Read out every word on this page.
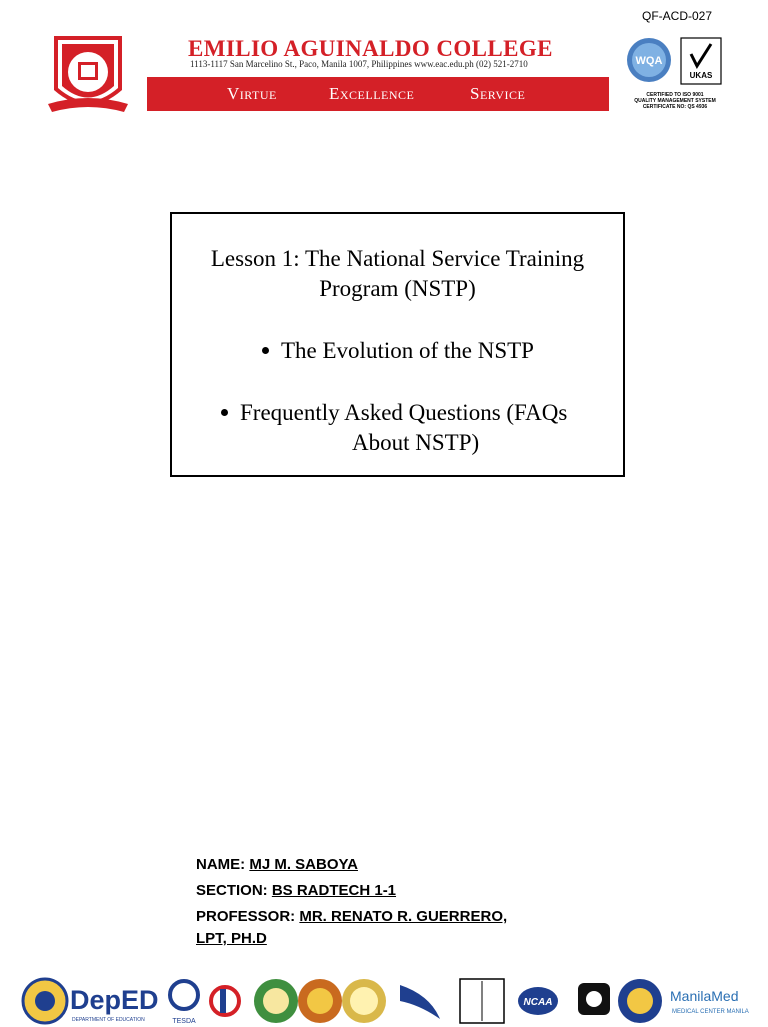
QF-ACD-027
EMILIO AGUINALDO COLLEGE
1113-1117 San Marcelino St., Paco, Manila 1007, Philippines www.eac.edu.ph (02) 521-2710
Virtue	Excellence	Service
WQA
UKAS
CERTIFIED TO ISO 9001
QUALITY MANAGEMENT SYSTEM
CERTIFICATE NO: QS 4936
Lesson 1: The National Service Training
Program (NSTP)
The Evolution of the NSTP
Frequently Asked Questions (FAQs
About NSTP)
NAME: MJ M. SABOYA
SECTION: BS RADTECH 1-1
PROFESSOR: MR. RENATO R. GUERRERO,
LPT, PH.D
DepED
DEPARTMENT OF EDUCATION	TESDA
NCAA	ManilaMed
MEDICAL CENTER MANILA
